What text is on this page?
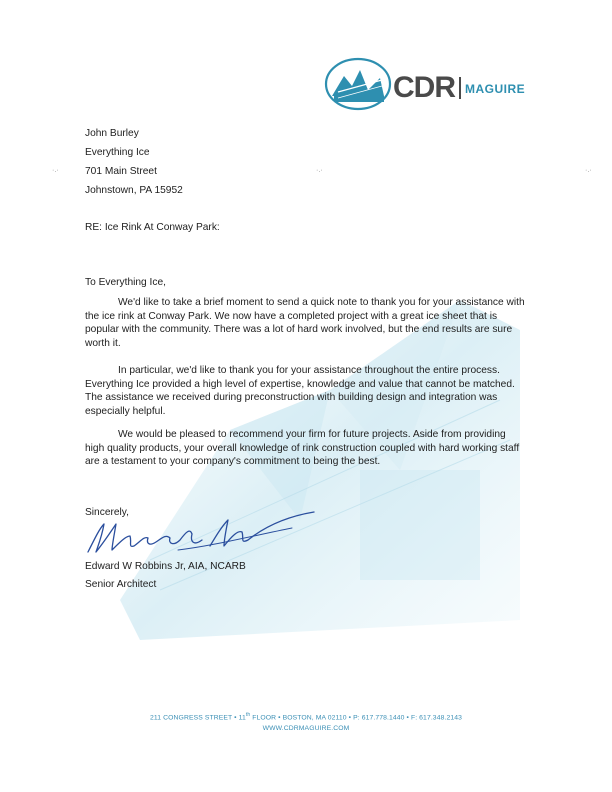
CDR MAGUIRE
·.·	·.·	·.·
John Burley
Everything Ice
701 Main Street
Johnstown, PA 15952
RE: Ice Rink At Conway Park:
To Everything Ice,
We'd like to take a brief moment to send a quick note to thank you for your assistance with the ice rink at Conway Park. We now have a completed project with a great ice sheet that is popular with the community. There was a lot of hard work involved, but the end results are sure worth it.
In particular, we'd like to thank you for your assistance throughout the entire process. Everything Ice provided a high level of expertise, knowledge and value that cannot be matched. The assistance we received during preconstruction with building design and integration was especially helpful.
We would be pleased to recommend your firm for future projects. Aside from providing high quality products, your overall knowledge of rink construction coupled with hard working staff are a testament to your company's commitment to being the best.
Sincerely,
Edward W Robbins Jr, AIA, NCARB
Senior Architect
211 CONGRESS STREET • 11th FLOOR • BOSTON, MA 02110 • P: 617.778.1440 • F: 617.348.2143
WWW.CDRMAGUIRE.COM
